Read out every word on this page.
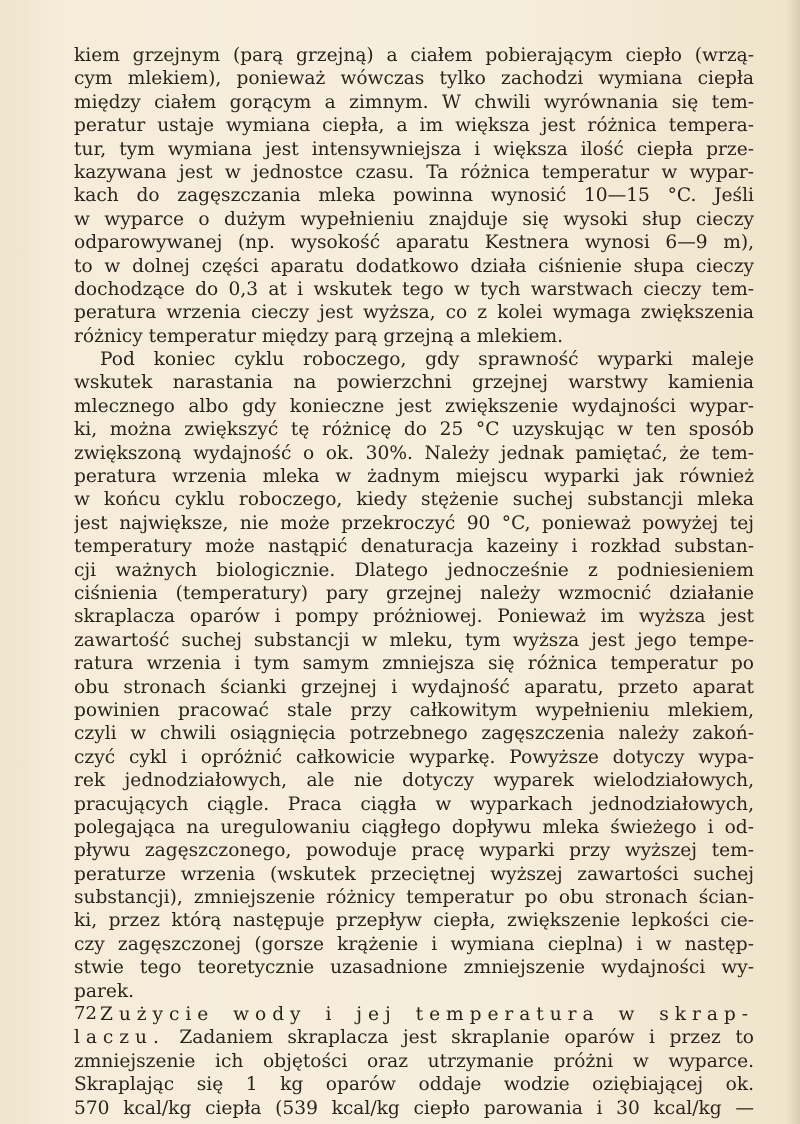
kiem grzejnym (parą grzejną) a ciałem pobierającym ciepło (wrzą-
cym mlekiem), ponieważ wówczas tylko zachodzi wymiana ciepła
między ciałem gorącym a zimnym. W chwili wyrównania się tem-
peratur ustaje wymiana ciepła, a im większa jest różnica tempera-
tur, tym wymiana jest intensywniejsza i większa ilość ciepła prze-
kazywana jest w jednostce czasu. Ta różnica temperatur w wypar-
kach do zagęszczania mleka powinna wynosić 10—15 °C. Jeśli
w wyparce o dużym wypełnieniu znajduje się wysoki słup cieczy
odparowywanej (np. wysokość aparatu Kestnera wynosi 6—9 m),
to w dolnej części aparatu dodatkowo działa ciśnienie słupa cieczy
dochodzące do 0,3 at i wskutek tego w tych warstwach cieczy tem-
peratura wrzenia cieczy jest wyższa, co z kolei wymaga zwiększenia
różnicy temperatur między parą grzejną a mlekiem.
Pod koniec cyklu roboczego, gdy sprawność wyparki maleje
wskutek narastania na powierzchni grzejnej warstwy kamienia
mlecznego albo gdy konieczne jest zwiększenie wydajności wypar-
ki, można zwiększyć tę różnicę do 25 °C uzyskując w ten sposób
zwiększoną wydajność o ok. 30%. Należy jednak pamiętać, że tem-
peratura wrzenia mleka w żadnym miejscu wyparki jak również
w końcu cyklu roboczego, kiedy stężenie suchej substancji mleka
jest największe, nie może przekroczyć 90 °C, ponieważ powyżej tej
temperatury może nastąpić denaturacja kazeiny i rozkład substan-
cji ważnych biologicznie. Dlatego jednocześnie z podniesieniem
ciśnienia (temperatury) pary grzejnej należy wzmocnić działanie
skraplacza oparów i pompy próżniowej. Ponieważ im wyższa jest
zawartość suchej substancji w mleku, tym wyższa jest jego tempe-
ratura wrzenia i tym samym zmniejsza się różnica temperatur po
obu stronach ścianki grzejnej i wydajność aparatu, przeto aparat
powinien pracować stale przy całkowitym wypełnieniu mlekiem,
czyli w chwili osiągnięcia potrzebnego zagęszczenia należy zakoń-
czyć cykl i opróżnić całkowicie wyparkę. Powyższe dotyczy wypa-
rek jednodziałowych, ale nie dotyczy wyparek wielodziałowych,
pracujących ciągle. Praca ciągła w wyparkach jednodziałowych,
polegająca na uregulowaniu ciągłego dopływu mleka świeżego i od-
pływu zagęszczonego, powoduje pracę wyparki przy wyższej tem-
peraturze wrzenia (wskutek przeciętnej wyższej zawartości suchej
substancji), zmniejszenie różnicy temperatur po obu stronach ścian-
ki, przez którą następuje przepływ ciepła, zwiększenie lepkości cie-
czy zagęszczonej (gorsze krążenie i wymiana cieplna) i w następ-
stwie tego teoretycznie uzasadnione zmniejszenie wydajności wy-
parek.
Zużycie wody i jej temperatura w skrap-
laczu. Zadaniem skraplacza jest skraplanie oparów i przez to
zmniejszenie ich objętości oraz utrzymanie próżni w wyparce.
Skraplając się 1 kg oparów oddaje wodzie oziębiającej ok.
570 kcal/kg ciepła (539 kcal/kg ciepło parowania i 30 kcal/kg —
72
